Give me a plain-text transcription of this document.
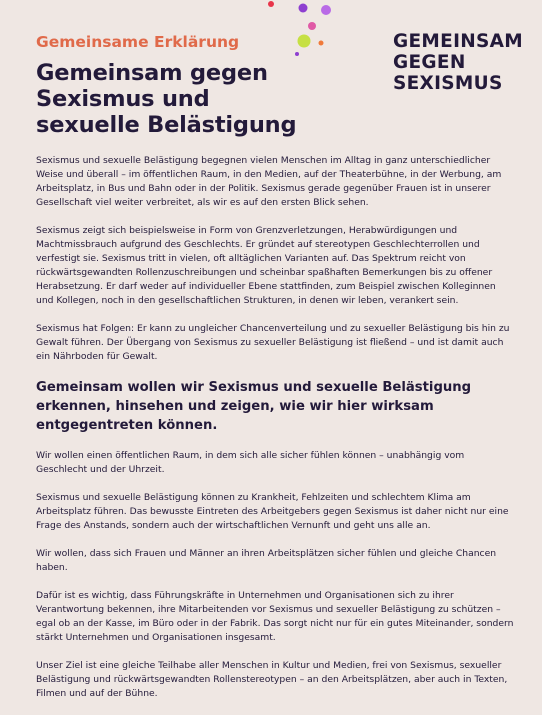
Gemeinsame Erklärung
Gemeinsam gegen
Sexismus und
sexuelle Belästigung
GEMEINSAM
GEGEN
SEXISMUS

Sexismus und sexuelle Belästigung begegnen vielen Menschen im Alltag in ganz unterschiedlicher Weise und überall – im öffentlichen Raum, in den Medien, auf der Theaterbühne, in der Werbung, am Arbeitsplatz, in Bus und Bahn oder in der Politik. Sexismus gerade gegenüber Frauen ist in unserer Gesellschaft viel weiter verbreitet, als wir es auf den ersten Blick sehen.

Sexismus zeigt sich beispielsweise in Form von Grenzverletzungen, Herabwürdigungen und Machtmissbrauch aufgrund des Geschlechts. Er gründet auf stereotypen Geschlechterrollen und verfestigt sie. Sexismus tritt in vielen, oft alltäglichen Varianten auf. Das Spektrum reicht von rückwärtsgewandten Rollenzuschreibungen und scheinbar spaßhaften Bemerkungen bis zu offener Herabsetzung. Er darf weder auf individueller Ebene stattfinden, zum Beispiel zwischen Kolleginnen und Kollegen, noch in den gesellschaftlichen Strukturen, in denen wir leben, verankert sein.

Sexismus hat Folgen: Er kann zu ungleicher Chancenverteilung und zu sexueller Belästigung bis hin zu Gewalt führen. Der Übergang von Sexismus zu sexueller Belästigung ist fließend – und ist damit auch ein Nährboden für Gewalt.

Gemeinsam wollen wir Sexismus und sexuelle Belästigung erkennen, hinsehen und zeigen, wie wir hier wirksam entgegentreten können.

Wir wollen einen öffentlichen Raum, in dem sich alle sicher fühlen können – unabhängig vom Geschlecht und der Uhrzeit.

Sexismus und sexuelle Belästigung können zu Krankheit, Fehlzeiten und schlechtem Klima am Arbeitsplatz führen. Das bewusste Eintreten des Arbeitgebers gegen Sexismus ist daher nicht nur eine Frage des Anstands, sondern auch der wirtschaftlichen Vernunft und geht uns alle an.

Wir wollen, dass sich Frauen und Männer an ihren Arbeitsplätzen sicher fühlen und gleiche Chancen haben.

Dafür ist es wichtig, dass Führungskräfte in Unternehmen und Organisationen sich zu ihrer Verantwortung bekennen, ihre Mitarbeitenden vor Sexismus und sexueller Belästigung zu schützen – egal ob an der Kasse, im Büro oder in der Fabrik. Das sorgt nicht nur für ein gutes Miteinander, sondern stärkt Unternehmen und Organisationen insgesamt.

Unser Ziel ist eine gleiche Teilhabe aller Menschen in Kultur und Medien, frei von Sexismus, sexueller Belästigung und rückwärtsgewandten Rollenstereotypen – an den Arbeitsplätzen, aber auch in Texten, Filmen und auf der Bühne.
